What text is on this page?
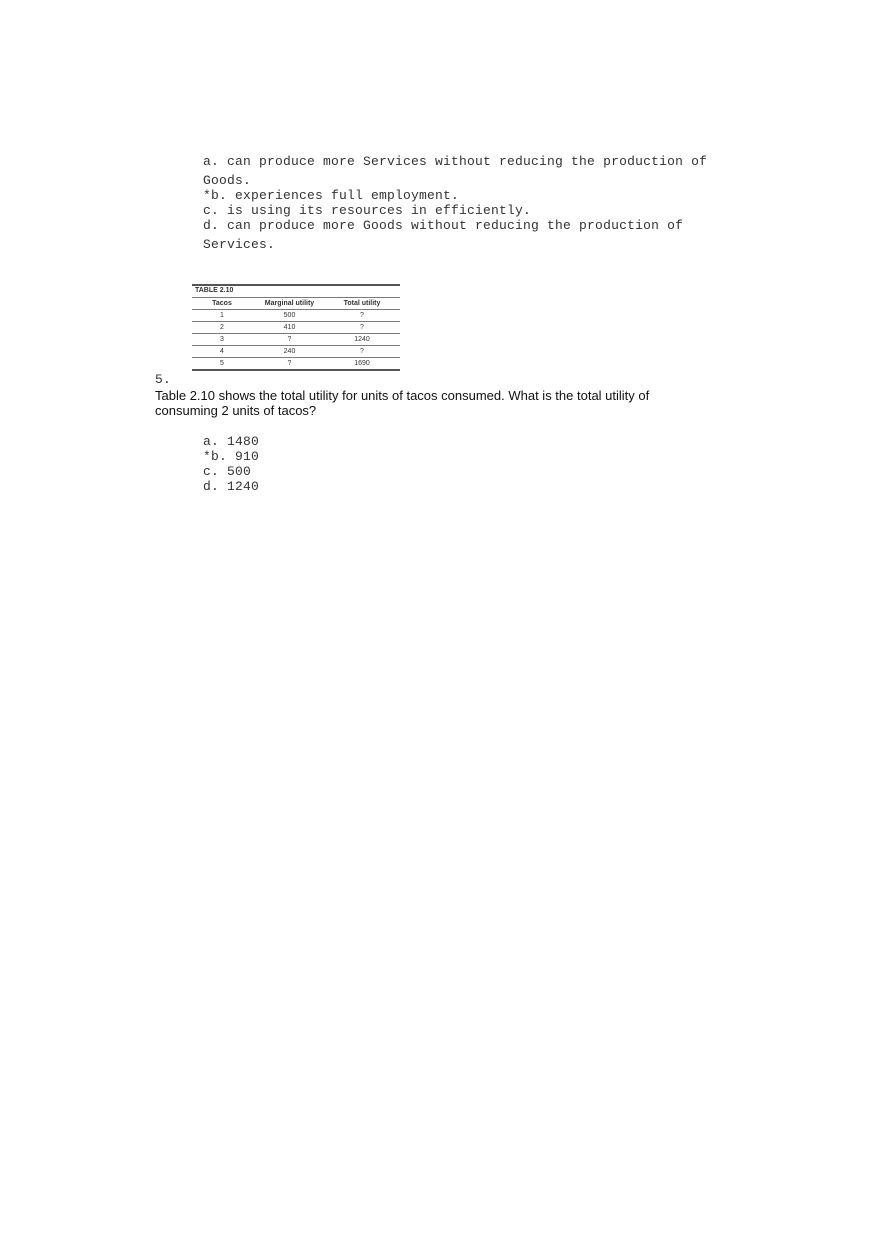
a. can produce more Services without reducing the production of
Goods.
*b. experiences full employment.
c. is using its resources in efficiently.
d. can produce more Goods without reducing the production of
Services.
TABLE 2.10
Tacos	Marginal utility	Total utility
1	500	?
2	410	?
3	?	1240
4	240	?
5	?	1690
5.

Table 2.10 shows the total utility for units of tacos consumed. What is the total utility of consuming 2 units of tacos?

a. 1480
*b. 910
c. 500
d. 1240
